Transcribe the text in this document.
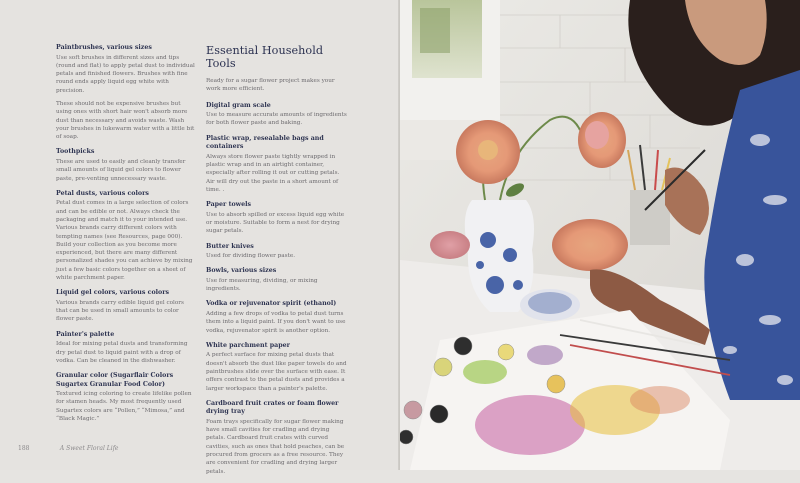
Paintbrushes, various sizes

Use soft brushes in different sizes and tips (round and flat) to apply petal dust to individual petals and finished flowers. Brushes with fine round ends apply liquid egg white with precision.

These should not be expensive brushes but using ones with short hair won't absorb more dust than necessary and avoids waste. Wash your brushes in lukewarm water with a little bit of soap.

Toothpicks

These are used to easily and cleanly transfer small amounts of liquid gel colors to flower paste, pre-venting unnecessary waste.

Petal dusts, various colors

Petal dust comes in a large selection of colors and can be edible or not. Always check the packaging and match it to your intended use. Various brands carry different colors with tempting names (see Resources, page 000). Build your collection as you become more experienced, but there are many different personalized shades you can achieve by mixing just a few basic colors together on a sheet of white parchment paper.

Liquid gel colors, various colors

Various brands carry edible liquid gel colors that can be used in small amounts to color flower paste.

Painter's palette

Ideal for mixing petal dusts and transforming dry petal dust to liquid paint with a drop of vodka. Can be cleaned in the dishwasher.

Granular color (Sugarflair Colors Sugartex Granular Food Color)

Textured icing coloring to create lifelike pollen for stamen heads. My most frequently used Sugartex colors are “Pollen,” “Mimosa,” and “Black Magic.”

Essential Household Tools

Ready for a sugar flower project makes your work more efficient.

Digital gram scale

Use to measure accurate amounts of ingredients for both flower paste and baking.

Plastic wrap, resealable bags and containers

Always store flower paste tightly wrapped in plastic wrap and in an airtight container, especially after rolling it out or cutting petals. Air will dry out the paste in a short amount of time. .

Paper towels

Use to absorb spilled or excess liquid egg white or moisture. Suitable to form a nest for drying sugar petals.

Butter knives

Used for dividing flower paste.

Bowls, various sizes

Use for measuring, dividing, or mixing ingredients.

Vodka or rejuvenator spirit (ethanol)

Adding a few drops of vodka to petal dust turns them into a liquid paint. If you don't want to use vodka, rejuvenator spirit is another option.

White parchment paper

A perfect surface for mixing petal dusts that doesn't absorb the dust like paper towels do and paintbrushes slide over the surface with ease. It offers contrast to the petal dusts and provides a larger workspace than a painter's palette.

Cardboard fruit crates or foam flower drying tray

Foam trays specifically for sugar flower making have small cavities for cradling and drying petals. Cardboard fruit crates with curved cavities, such as ones that hold peaches, can be procured from grocers as a free resource. They are convenient for cradling and drying larger petals.

188	A Sweet Floral Life
